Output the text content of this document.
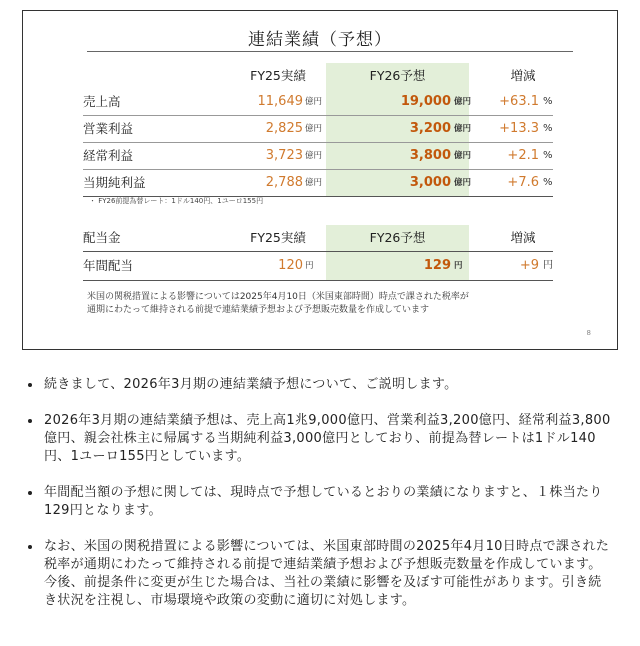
連結業績（予想）
FY25実績	FY26予想	増減
売上高	11,649 億円	19,000 億円	+63.1 %
営業利益	2,825 億円	3,200 億円	+13.3 %
経常利益	3,723 億円	3,800 億円	+2.1 %
当期純利益	2,788 億円	3,000 億円	+7.6 %
・ FY26前提為替レート：1ドル140円、1ユーロ155円
配当金	FY25実績	FY26予想	増減
年間配当	120 円	129 円	+9 円
米国の関税措置による影響については2025年4月10日（米国東部時間）時点で課された税率が
通期にわたって維持される前提で連結業績予想および予想販売数量を作成しています
8
続きまして、2026年3月期の連結業績予想について、ご説明します。
2026年3月期の連結業績予想は、売上高1兆9,000億円、営業利益3,200億円、経常利益3,800億円、親会社株主に帰属する当期純利益3,000億円としており、前提為替レートは1ドル140円、1ユーロ155円としています。
年間配当額の予想に関しては、現時点で予想しているとおりの業績になりますと、１株当たり129円となります。
なお、米国の関税措置による影響については、米国東部時間の2025年4月10日時点で課された税率が通期にわたって維持される前提で連結業績予想および予想販売数量を作成しています。今後、前提条件に変更が生じた場合は、当社の業績に影響を及ぼす可能性があります。引き続き状況を注視し、市場環境や政策の変動に適切に対処します。
